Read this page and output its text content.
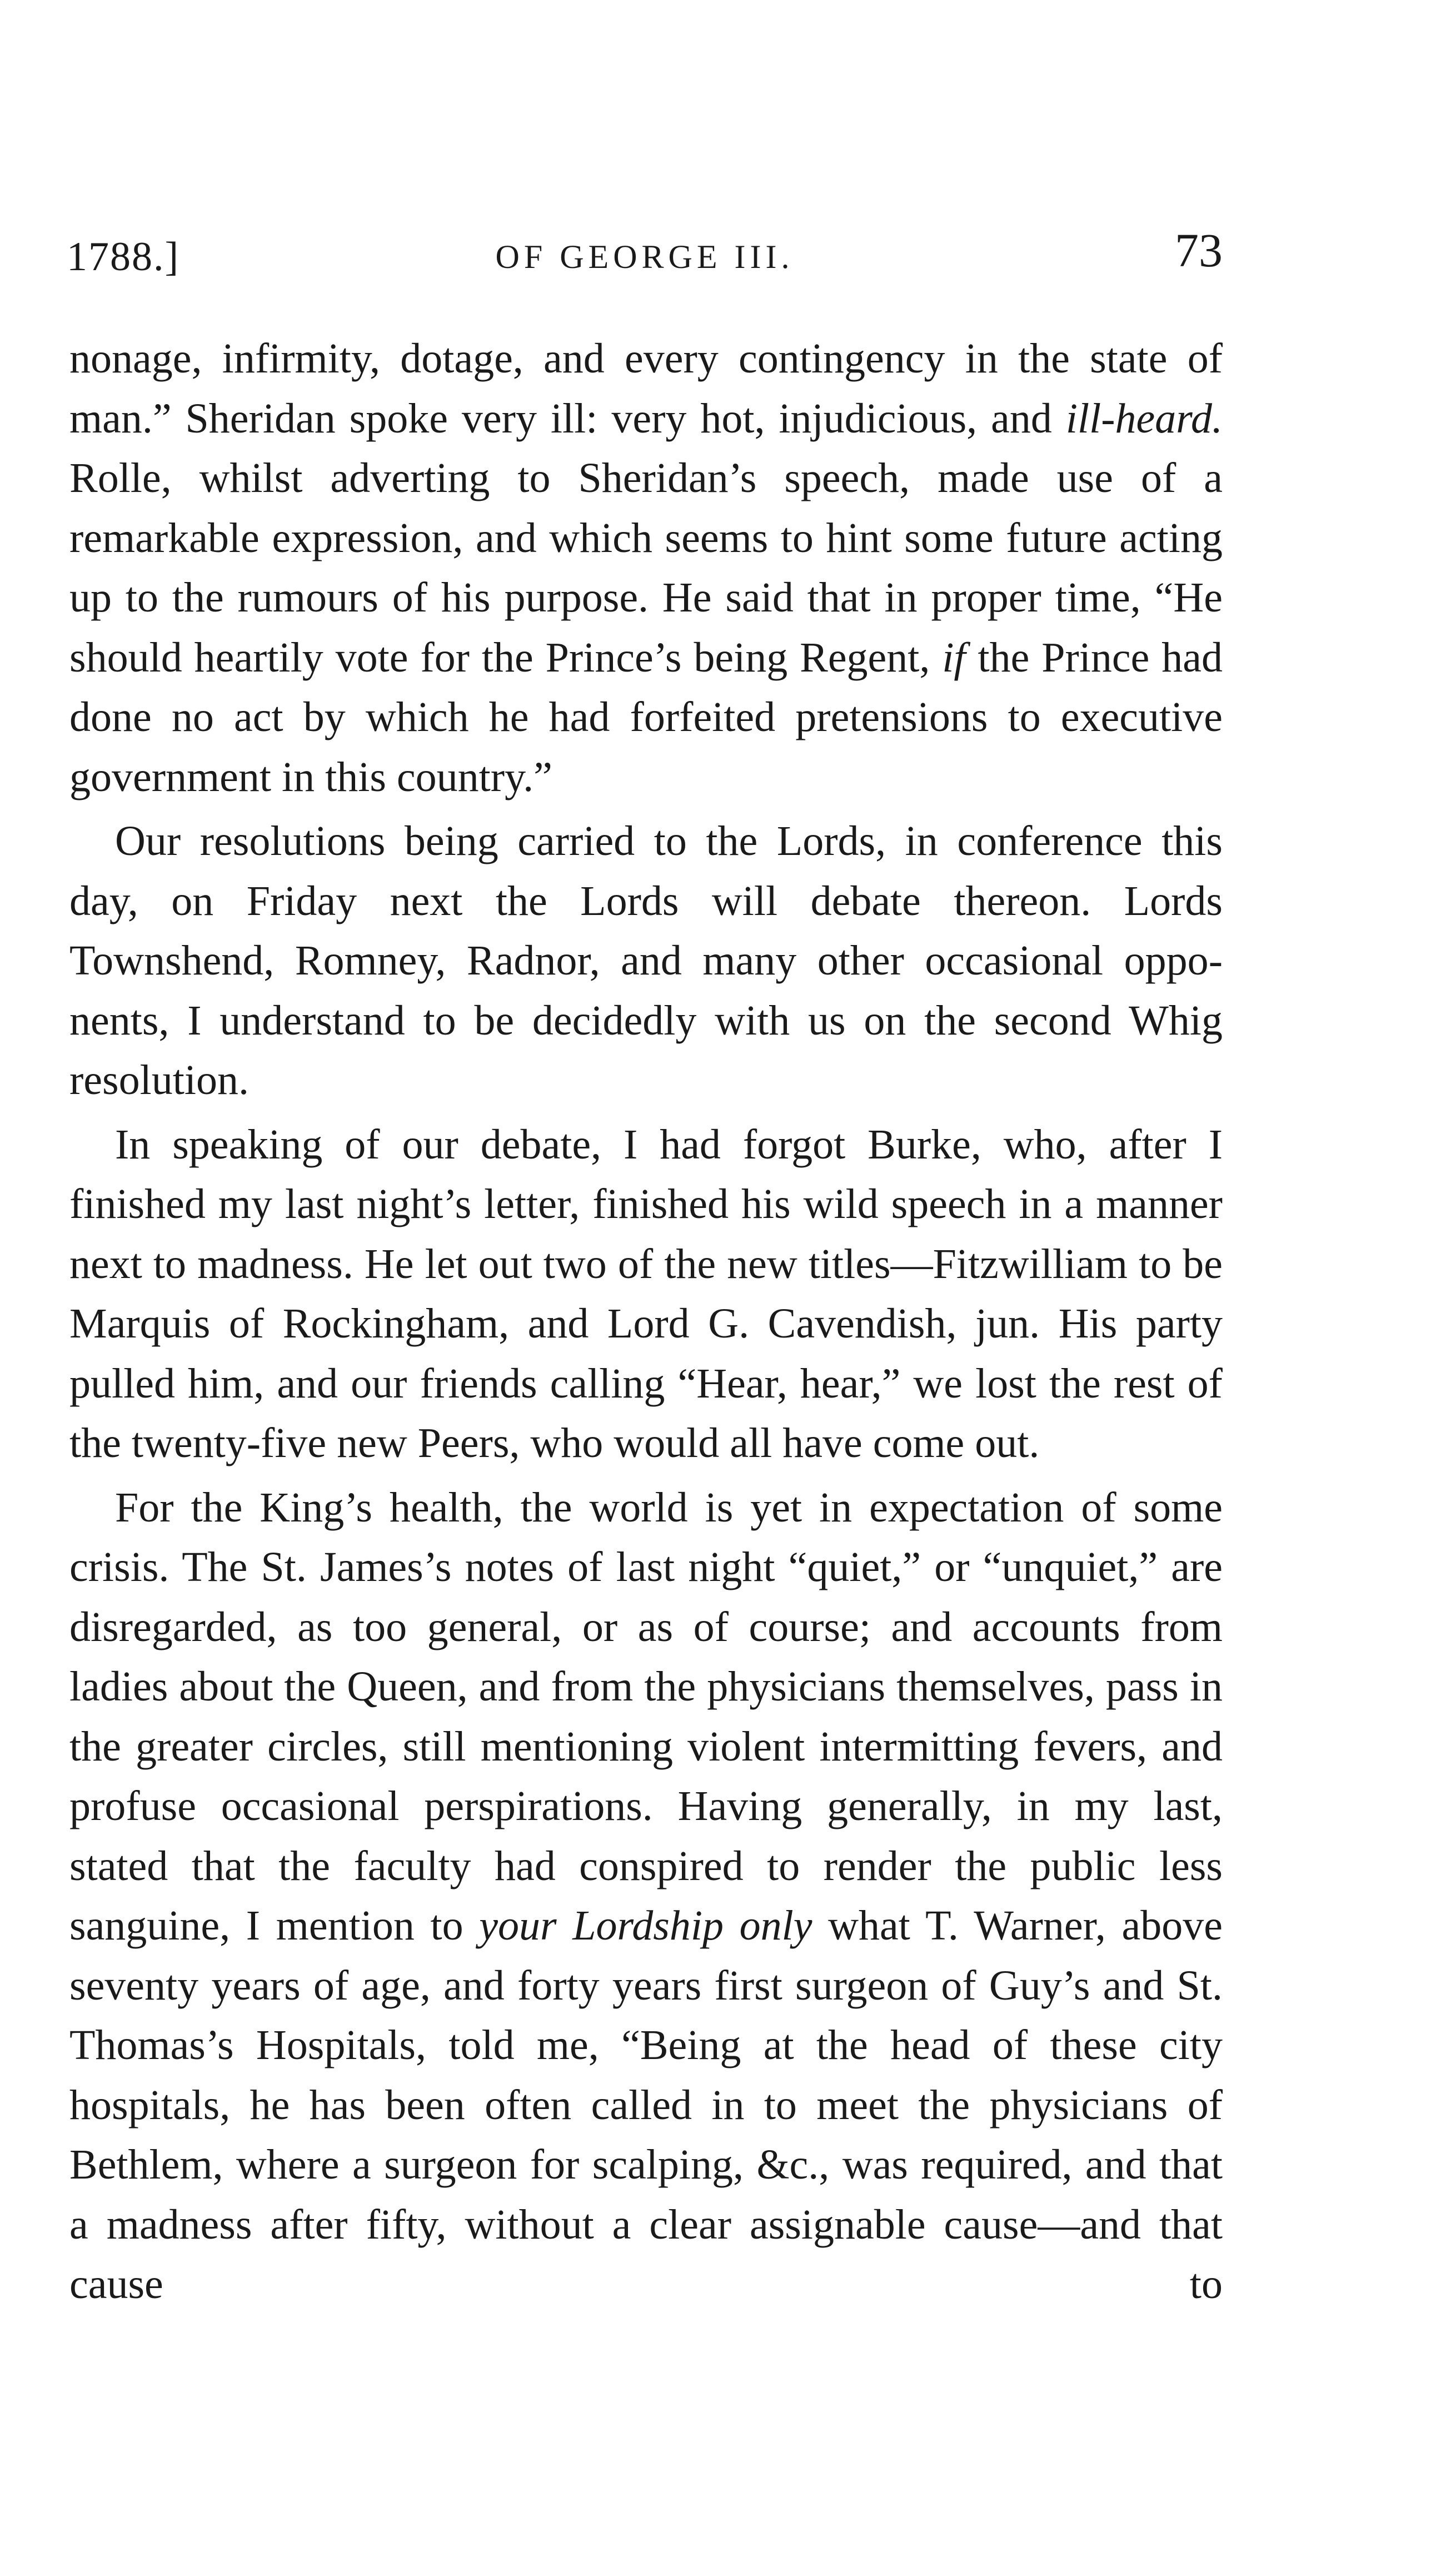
1788.]	OF GEORGE III.	73

nonage, infirmity, dotage, and every contingency in the state of man.” Sheridan spoke very ill: very hot, injudicious, and ill-heard. Rolle, whilst adverting to Sheridan’s speech, made use of a remarkable expression, and which seems to hint some future acting up to the rumours of his purpose. He said that in proper time, “He should heartily vote for the Prince’s being Regent, if the Prince had done no act by which he had forfeited pretensions to executive government in this country.”

Our resolutions being carried to the Lords, in conference this day, on Friday next the Lords will debate thereon. Lords Townshend, Romney, Radnor, and many other occasional opponents, I understand to be decidedly with us on the second Whig resolution.

In speaking of our debate, I had forgot Burke, who, after I finished my last night’s letter, finished his wild speech in a manner next to madness. He let out two of the new titles—Fitzwilliam to be Marquis of Rockingham, and Lord G. Cavendish, jun. His party pulled him, and our friends calling “Hear, hear,” we lost the rest of the twenty-five new Peers, who would all have come out.

For the King’s health, the world is yet in expectation of some crisis. The St. James’s notes of last night “quiet,” or “unquiet,” are disregarded, as too general, or as of course; and accounts from ladies about the Queen, and from the physicians themselves, pass in the greater circles, still mentioning violent intermitting fevers, and profuse occasional perspirations. Having generally, in my last, stated that the faculty had conspired to render the public less sanguine, I mention to your Lordship only what T. Warner, above seventy years of age, and forty years first surgeon of Guy’s and St. Thomas’s Hospitals, told me, “Being at the head of these city hospitals, he has been often called in to meet the physicians of Bethlem, where a surgeon for scalping, &c., was required, and that a madness after fifty, without a clear assignable cause—and that cause to
